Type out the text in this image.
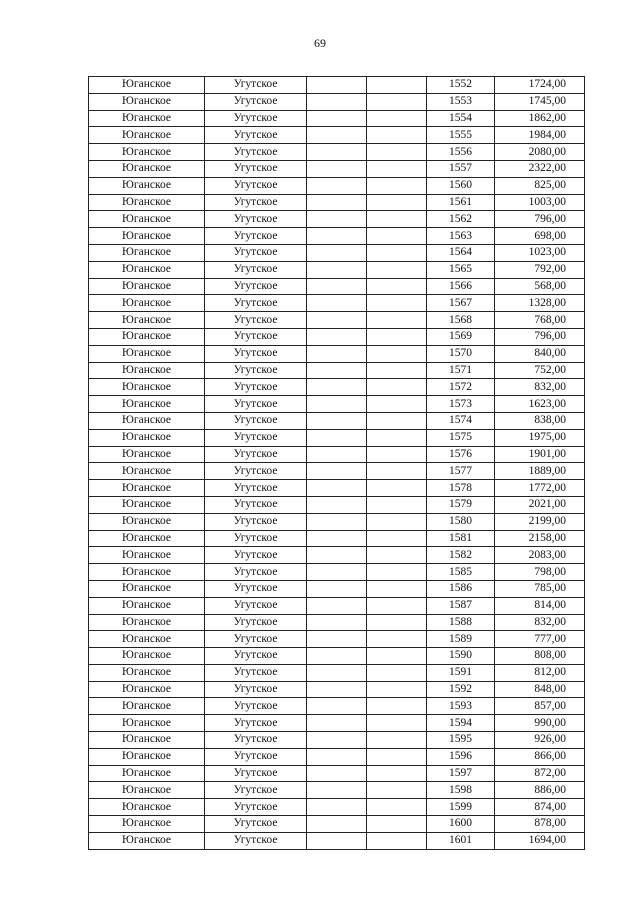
69
Юганское	Угутское			1552	1724,00
Юганское	Угутское			1553	1745,00
Юганское	Угутское			1554	1862,00
Юганское	Угутское			1555	1984,00
Юганское	Угутское			1556	2080,00
Юганское	Угутское			1557	2322,00
Юганское	Угутское			1560	825,00
Юганское	Угутское			1561	1003,00
Юганское	Угутское			1562	796,00
Юганское	Угутское			1563	698,00
Юганское	Угутское			1564	1023,00
Юганское	Угутское			1565	792,00
Юганское	Угутское			1566	568,00
Юганское	Угутское			1567	1328,00
Юганское	Угутское			1568	768,00
Юганское	Угутское			1569	796,00
Юганское	Угутское			1570	840,00
Юганское	Угутское			1571	752,00
Юганское	Угутское			1572	832,00
Юганское	Угутское			1573	1623,00
Юганское	Угутское			1574	838,00
Юганское	Угутское			1575	1975,00
Юганское	Угутское			1576	1901,00
Юганское	Угутское			1577	1889,00
Юганское	Угутское			1578	1772,00
Юганское	Угутское			1579	2021,00
Юганское	Угутское			1580	2199,00
Юганское	Угутское			1581	2158,00
Юганское	Угутское			1582	2083,00
Юганское	Угутское			1585	798,00
Юганское	Угутское			1586	785,00
Юганское	Угутское			1587	814,00
Юганское	Угутское			1588	832,00
Юганское	Угутское			1589	777,00
Юганское	Угутское			1590	808,00
Юганское	Угутское			1591	812,00
Юганское	Угутское			1592	848,00
Юганское	Угутское			1593	857,00
Юганское	Угутское			1594	990,00
Юганское	Угутское			1595	926,00
Юганское	Угутское			1596	866,00
Юганское	Угутское			1597	872,00
Юганское	Угутское			1598	886,00
Юганское	Угутское			1599	874,00
Юганское	Угутское			1600	878,00
Юганское	Угутское			1601	1694,00
